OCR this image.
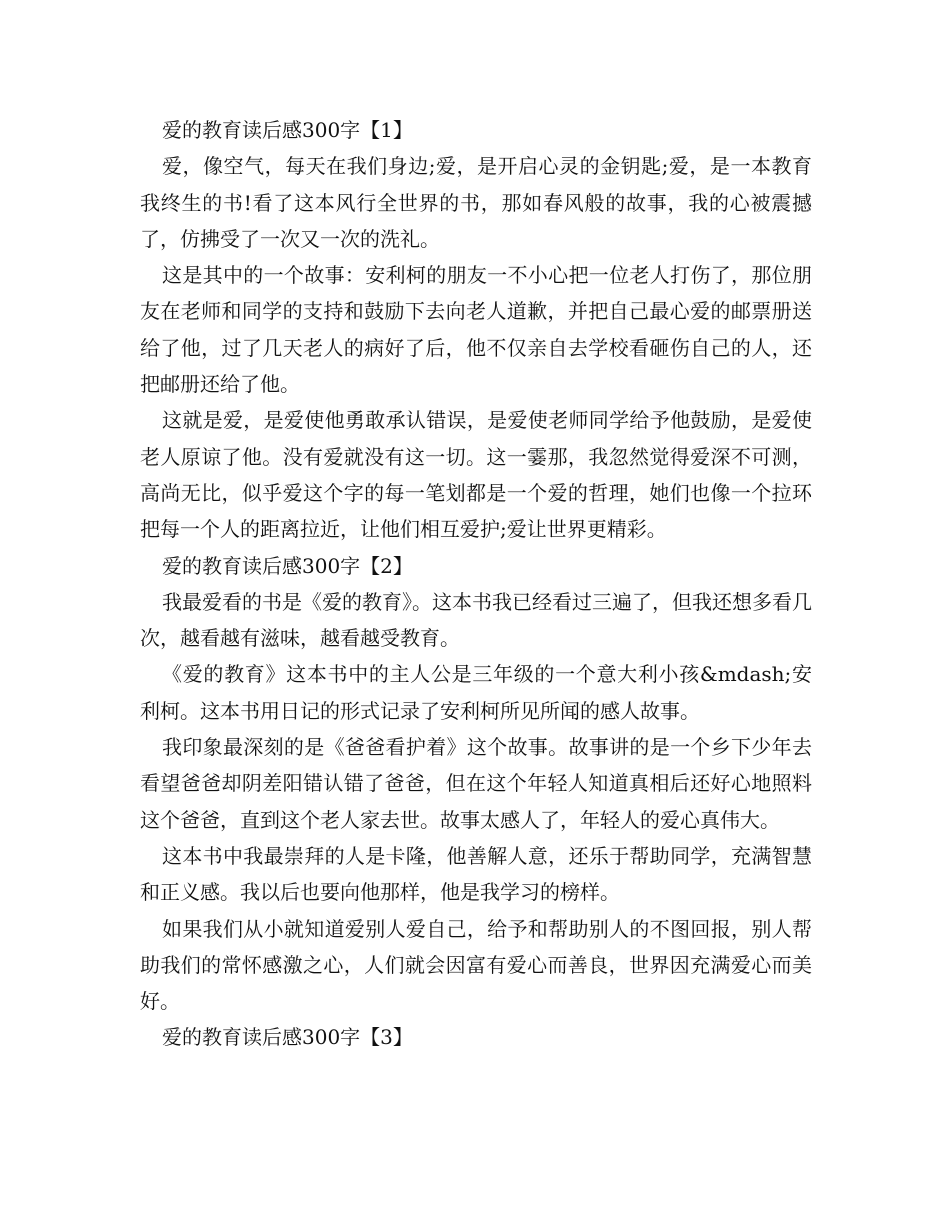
爱的教育读后感300字【1】

爱，像空气，每天在我们身边;爱，是开启心灵的金钥匙;爱，是一本教育我终生的书!看了这本风行全世界的书，那如春风般的故事，我的心被震撼了，仿拂受了一次又一次的洗礼。

这是其中的一个故事：安利柯的朋友一不小心把一位老人打伤了，那位朋友在老师和同学的支持和鼓励下去向老人道歉，并把自己最心爱的邮票册送给了他，过了几天老人的病好了后，他不仅亲自去学校看砸伤自己的人，还把邮册还给了他。

这就是爱，是爱使他勇敢承认错误，是爱使老师同学给予他鼓励，是爱使老人原谅了他。没有爱就没有这一切。这一霎那，我忽然觉得爱深不可测，高尚无比，似乎爱这个字的每一笔划都是一个爱的哲理，她们也像一个拉环把每一个人的距离拉近，让他们相互爱护;爱让世界更精彩。

爱的教育读后感300字【2】

我最爱看的书是《爱的教育》。这本书我已经看过三遍了，但我还想多看几次，越看越有滋味，越看越受教育。

《爱的教育》这本书中的主人公是三年级的一个意大利小孩&mdash;安利柯。这本书用日记的形式记录了安利柯所见所闻的感人故事。

我印象最深刻的是《爸爸看护着》这个故事。故事讲的是一个乡下少年去看望爸爸却阴差阳错认错了爸爸，但在这个年轻人知道真相后还好心地照料这个爸爸，直到这个老人家去世。故事太感人了，年轻人的爱心真伟大。

这本书中我最崇拜的人是卡隆，他善解人意，还乐于帮助同学，充满智慧和正义感。我以后也要向他那样，他是我学习的榜样。

如果我们从小就知道爱别人爱自己，给予和帮助别人的不图回报，别人帮助我们的常怀感激之心，人们就会因富有爱心而善良，世界因充满爱心而美好。

爱的教育读后感300字【3】
